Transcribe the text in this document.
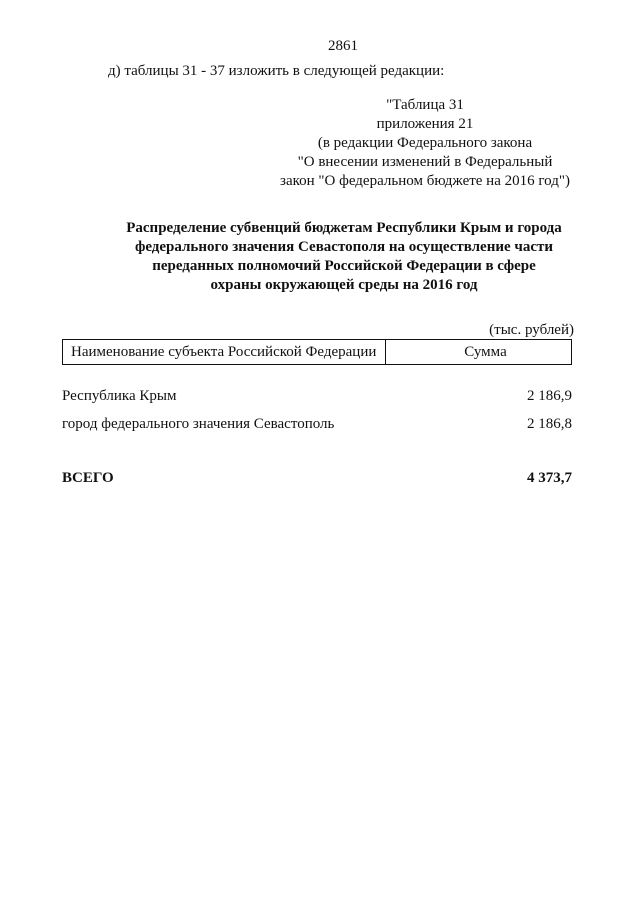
2861
д) таблицы 31 - 37 изложить в следующей редакции:
"Таблица 31
приложения 21
(в редакции Федерального закона
"О внесении изменений в Федеральный
закон "О федеральном бюджете на 2016 год")
Распределение субвенций бюджетам Республики Крым и города
федерального значения Севастополя на осуществление части
переданных полномочий Российской Федерации в сфере
охраны окружающей среды на 2016 год
(тыс. рублей)
Наименование субъекта Российской Федерации	Сумма
Республика Крым	2 186,9
город федерального значения Севастополь	2 186,8
ВСЕГО	4 373,7
